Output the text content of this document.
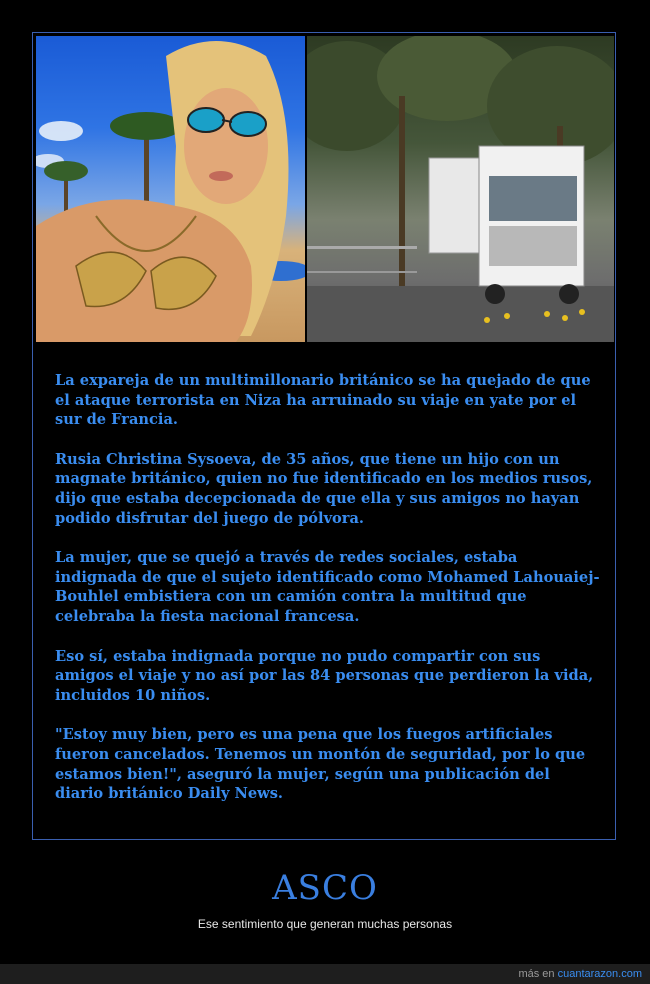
La expareja de un multimillonario británico se ha quejado de que el ataque terrorista en Niza ha arruinado su viaje en yate por el sur de Francia.

Rusia Christina Sysoeva, de 35 años, que tiene un hijo con un magnate británico, quien no fue identificado en los medios rusos, dijo que estaba decepcionada de que ella y sus amigos no hayan podido disfrutar del juego de pólvora.

La mujer, que se quejó a través de redes sociales, estaba indignada de que el sujeto identificado como Mohamed Lahouaiej-Bouhlel embistiera con un camión contra la multitud que celebraba la fiesta nacional francesa.

Eso sí, estaba indignada porque no pudo compartir con sus amigos el viaje y no así por las 84 personas que perdieron la vida, incluidos 10 niños.

"Estoy muy bien, pero es una pena que los fuegos artificiales fueron cancelados. Tenemos un montón de seguridad, por lo que estamos bien!", aseguró la mujer, según una publicación del diario británico Daily News.

ASCO
Ese sentimiento que generan muchas personas
más en cuantarazon.com
